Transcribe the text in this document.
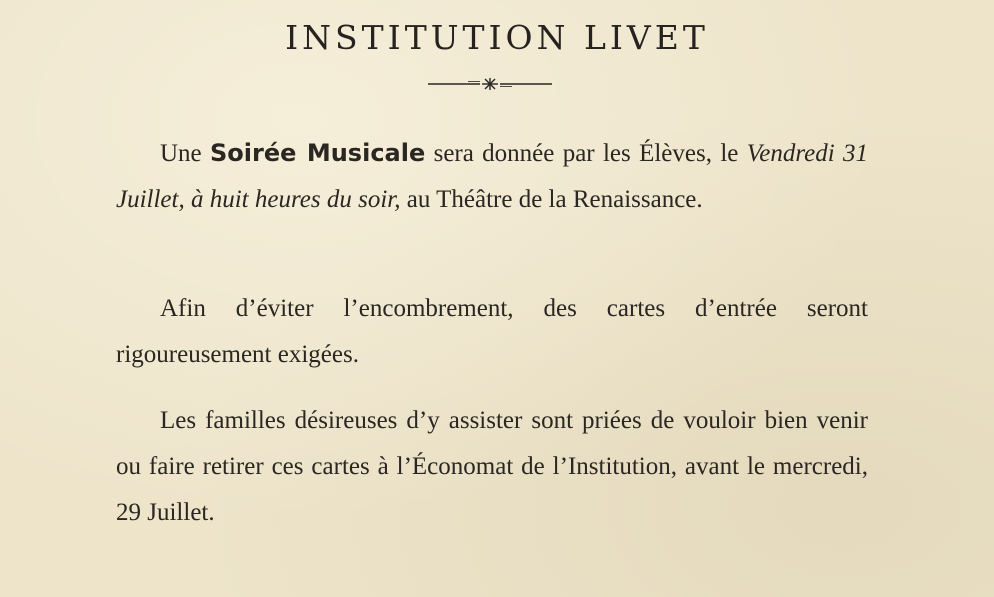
INSTITUTION LIVET
Une Soirée Musicale sera donnée par les Élèves, le Vendredi 31 Juillet, à huit heures du soir, au Théâtre de la Renaissance.
Afin d’éviter l’encombrement, des cartes d’entrée seront rigoureusement exigées.
Les familles désireuses d’y assister sont priées de vouloir bien venir ou faire retirer ces cartes à l’Économat de l’Institution, avant le mercredi, 29 Juillet.
